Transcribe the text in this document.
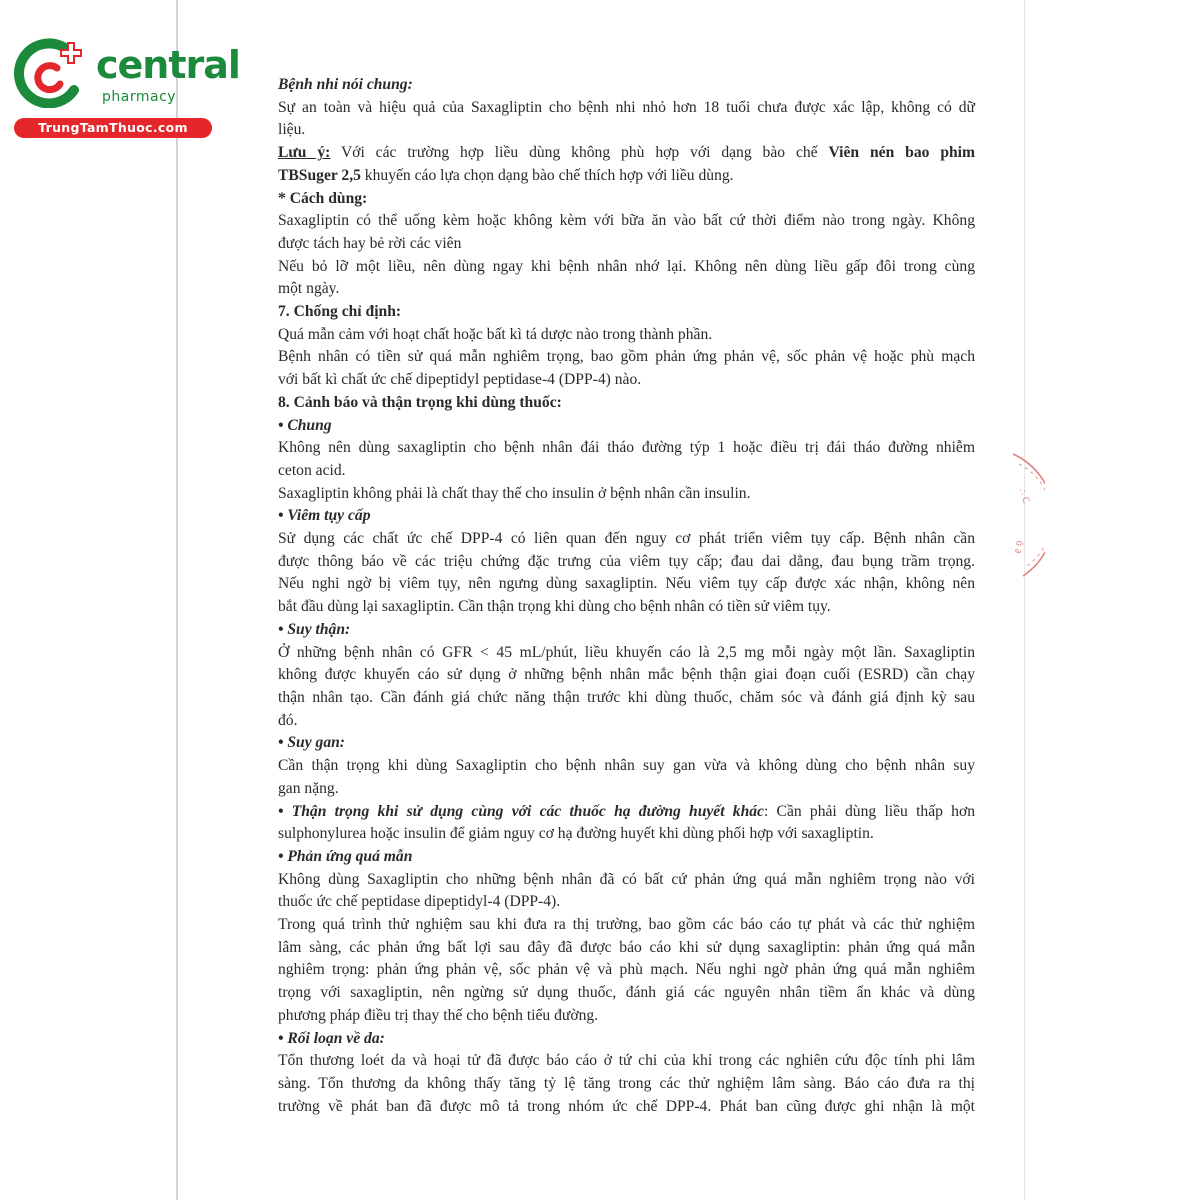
central
pharmacy
TrungTamThuoc.com
∴ C
ö ∂
Bệnh nhi nói chung:
Sự an toàn và hiệu quả của Saxagliptin cho bệnh nhi nhỏ hơn 18 tuổi chưa được xác lập, không có dữ
liệu.
Lưu ý: Với các trường hợp liều dùng không phù hợp với dạng bào chế Viên nén bao phim
TBSuger 2,5 khuyến cáo lựa chọn dạng bào chế thích hợp với liều dùng.
* Cách dùng:
Saxagliptin có thể uống kèm hoặc không kèm với bữa ăn vào bất cứ thời điểm nào trong ngày. Không
được tách hay bẻ rời các viên
Nếu bỏ lỡ một liều, nên dùng ngay khi bệnh nhân nhớ lại. Không nên dùng liều gấp đôi trong cùng
một ngày.
7. Chống chỉ định:
Quá mẫn cảm với hoạt chất hoặc bất kì tá dược nào trong thành phần.
Bệnh nhân có tiền sử quá mẫn nghiêm trọng, bao gồm phản ứng phản vệ, sốc phản vệ hoặc phù mạch
với bất kì chất ức chế dipeptidyl peptidase-4 (DPP-4) nào.
8. Cảnh báo và thận trọng khi dùng thuốc:
• Chung
Không nên dùng saxagliptin cho bệnh nhân đái tháo đường týp 1 hoặc điều trị đái tháo đường nhiễm
ceton acid.
Saxagliptin không phải là chất thay thế cho insulin ở bệnh nhân cần insulin.
• Viêm tụy cấp
Sử dụng các chất ức chế DPP-4 có liên quan đến nguy cơ phát triển viêm tụy cấp. Bệnh nhân cần
được thông báo về các triệu chứng đặc trưng của viêm tụy cấp; đau dai dẳng, đau bụng trầm trọng.
Nếu nghi ngờ bị viêm tụy, nên ngưng dùng saxagliptin. Nếu viêm tụy cấp được xác nhận, không nên
bắt đầu dùng lại saxagliptin. Cần thận trọng khi dùng cho bệnh nhân có tiền sử viêm tụy.
• Suy thận:
Ở những bệnh nhân có GFR < 45 mL/phút, liều khuyến cáo là 2,5 mg mỗi ngày một lần. Saxagliptin
không được khuyến cáo sử dụng ở những bệnh nhân mắc bệnh thận giai đoạn cuối (ESRD) cần chạy
thận nhân tạo. Cần đánh giá chức năng thận trước khi dùng thuốc, chăm sóc và đánh giá định kỳ sau
đó.
• Suy gan:
Cần thận trọng khi dùng Saxagliptin cho bệnh nhân suy gan vừa và không dùng cho bệnh nhân suy
gan nặng.
• Thận trọng khi sử dụng cùng với các thuốc hạ đường huyết khác: Cần phải dùng liều thấp hơn
sulphonylurea hoặc insulin để giảm nguy cơ hạ đường huyết khi dùng phối hợp với saxagliptin.
• Phản ứng quá mẫn
Không dùng Saxagliptin cho những bệnh nhân đã có bất cứ phản ứng quá mẫn nghiêm trọng nào với
thuốc ức chế peptidase dipeptidyl-4 (DPP-4).
Trong quá trình thử nghiệm sau khi đưa ra thị trường, bao gồm các báo cáo tự phát và các thử nghiệm
lâm sàng, các phản ứng bất lợi sau đây đã được báo cáo khi sử dụng saxagliptin: phản ứng quá mẫn
nghiêm trọng: phản ứng phản vệ, sốc phản vệ và phù mạch. Nếu nghi ngờ phản ứng quá mẫn nghiêm
trọng với saxagliptin, nên ngừng sử dụng thuốc, đánh giá các nguyên nhân tiềm ẩn khác và dùng
phương pháp điều trị thay thế cho bệnh tiểu đường.
• Rối loạn về da:
Tổn thương loét da và hoại tử đã được báo cáo ở tứ chi của khỉ trong các nghiên cứu độc tính phi lâm
sàng. Tổn thương da không thấy tăng tỷ lệ tăng trong các thử nghiệm lâm sàng. Báo cáo đưa ra thị
trường về phát ban đã được mô tả trong nhóm ức chế DPP-4. Phát ban cũng được ghi nhận là một
